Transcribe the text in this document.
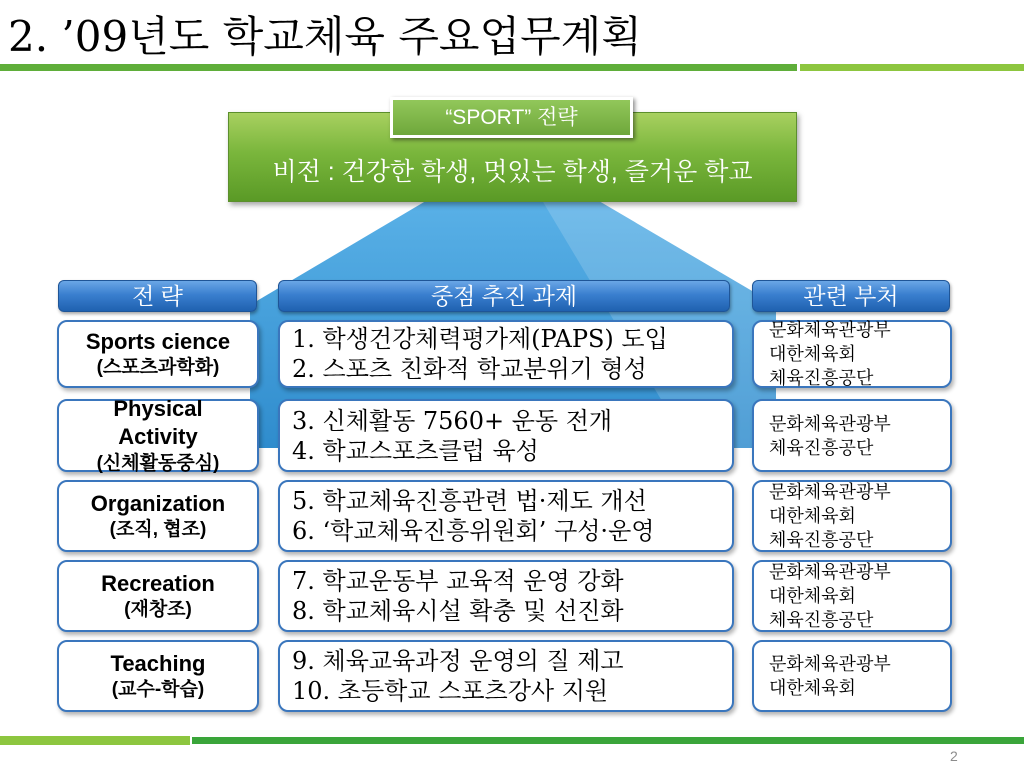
2. ’09년도 학교체육 주요업무계획
비전 : 건강한 학생, 멋있는 학생, 즐거운 학교
“SPORT” 전략
전 략	중점 추진 과제	관련 부처
Sports cience
(스포츠과학화)
1. 학생건강체력평가제(PAPS) 도입
2. 스포츠 친화적 학교분위기 형성
문화체육관광부
대한체육회
체육진흥공단
Physical
Activity
(신체활동중심)
3. 신체활동 7560+ 운동 전개
4. 학교스포츠클럽 육성
문화체육관광부
체육진흥공단
Organization
(조직, 협조)
5. 학교체육진흥관련 법·제도 개선
6. ‘학교체육진흥위원회’ 구성·운영
문화체육관광부
대한체육회
체육진흥공단
Recreation
(재창조)
7. 학교운동부 교육적 운영 강화
8. 학교체육시설 확충 및 선진화
문화체육관광부
대한체육회
체육진흥공단
Teaching
(교수-학습)
9. 체육교육과정 운영의 질 제고
10. 초등학교 스포츠강사 지원
문화체육관광부
대한체육회
2
